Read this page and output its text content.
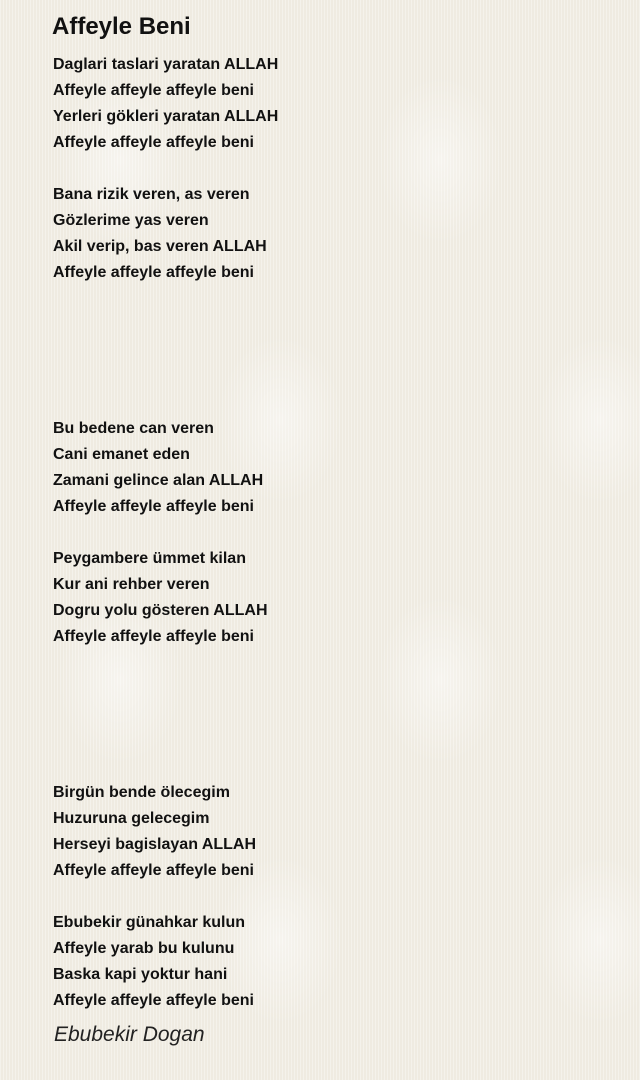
Affeyle Beni
Daglari taslari yaratan ALLAH
Affeyle affeyle affeyle beni
Yerleri gökleri yaratan ALLAH
Affeyle affeyle affeyle beni
Bana rizik veren, as veren
Gözlerime yas veren
Akil verip, bas veren ALLAH
Affeyle affeyle affeyle beni
Bu bedene can veren
Cani emanet eden
Zamani gelince alan ALLAH
Affeyle affeyle affeyle beni
Peygambere ümmet kilan
Kur ani rehber veren
Dogru yolu gösteren ALLAH
Affeyle affeyle affeyle beni
Birgün bende ölecegim
Huzuruna gelecegim
Herseyi bagislayan ALLAH
Affeyle affeyle affeyle beni
Ebubekir günahkar kulun
Affeyle yarab bu kulunu
Baska kapi yoktur hani
Affeyle affeyle affeyle beni
Ebubekir Dogan
